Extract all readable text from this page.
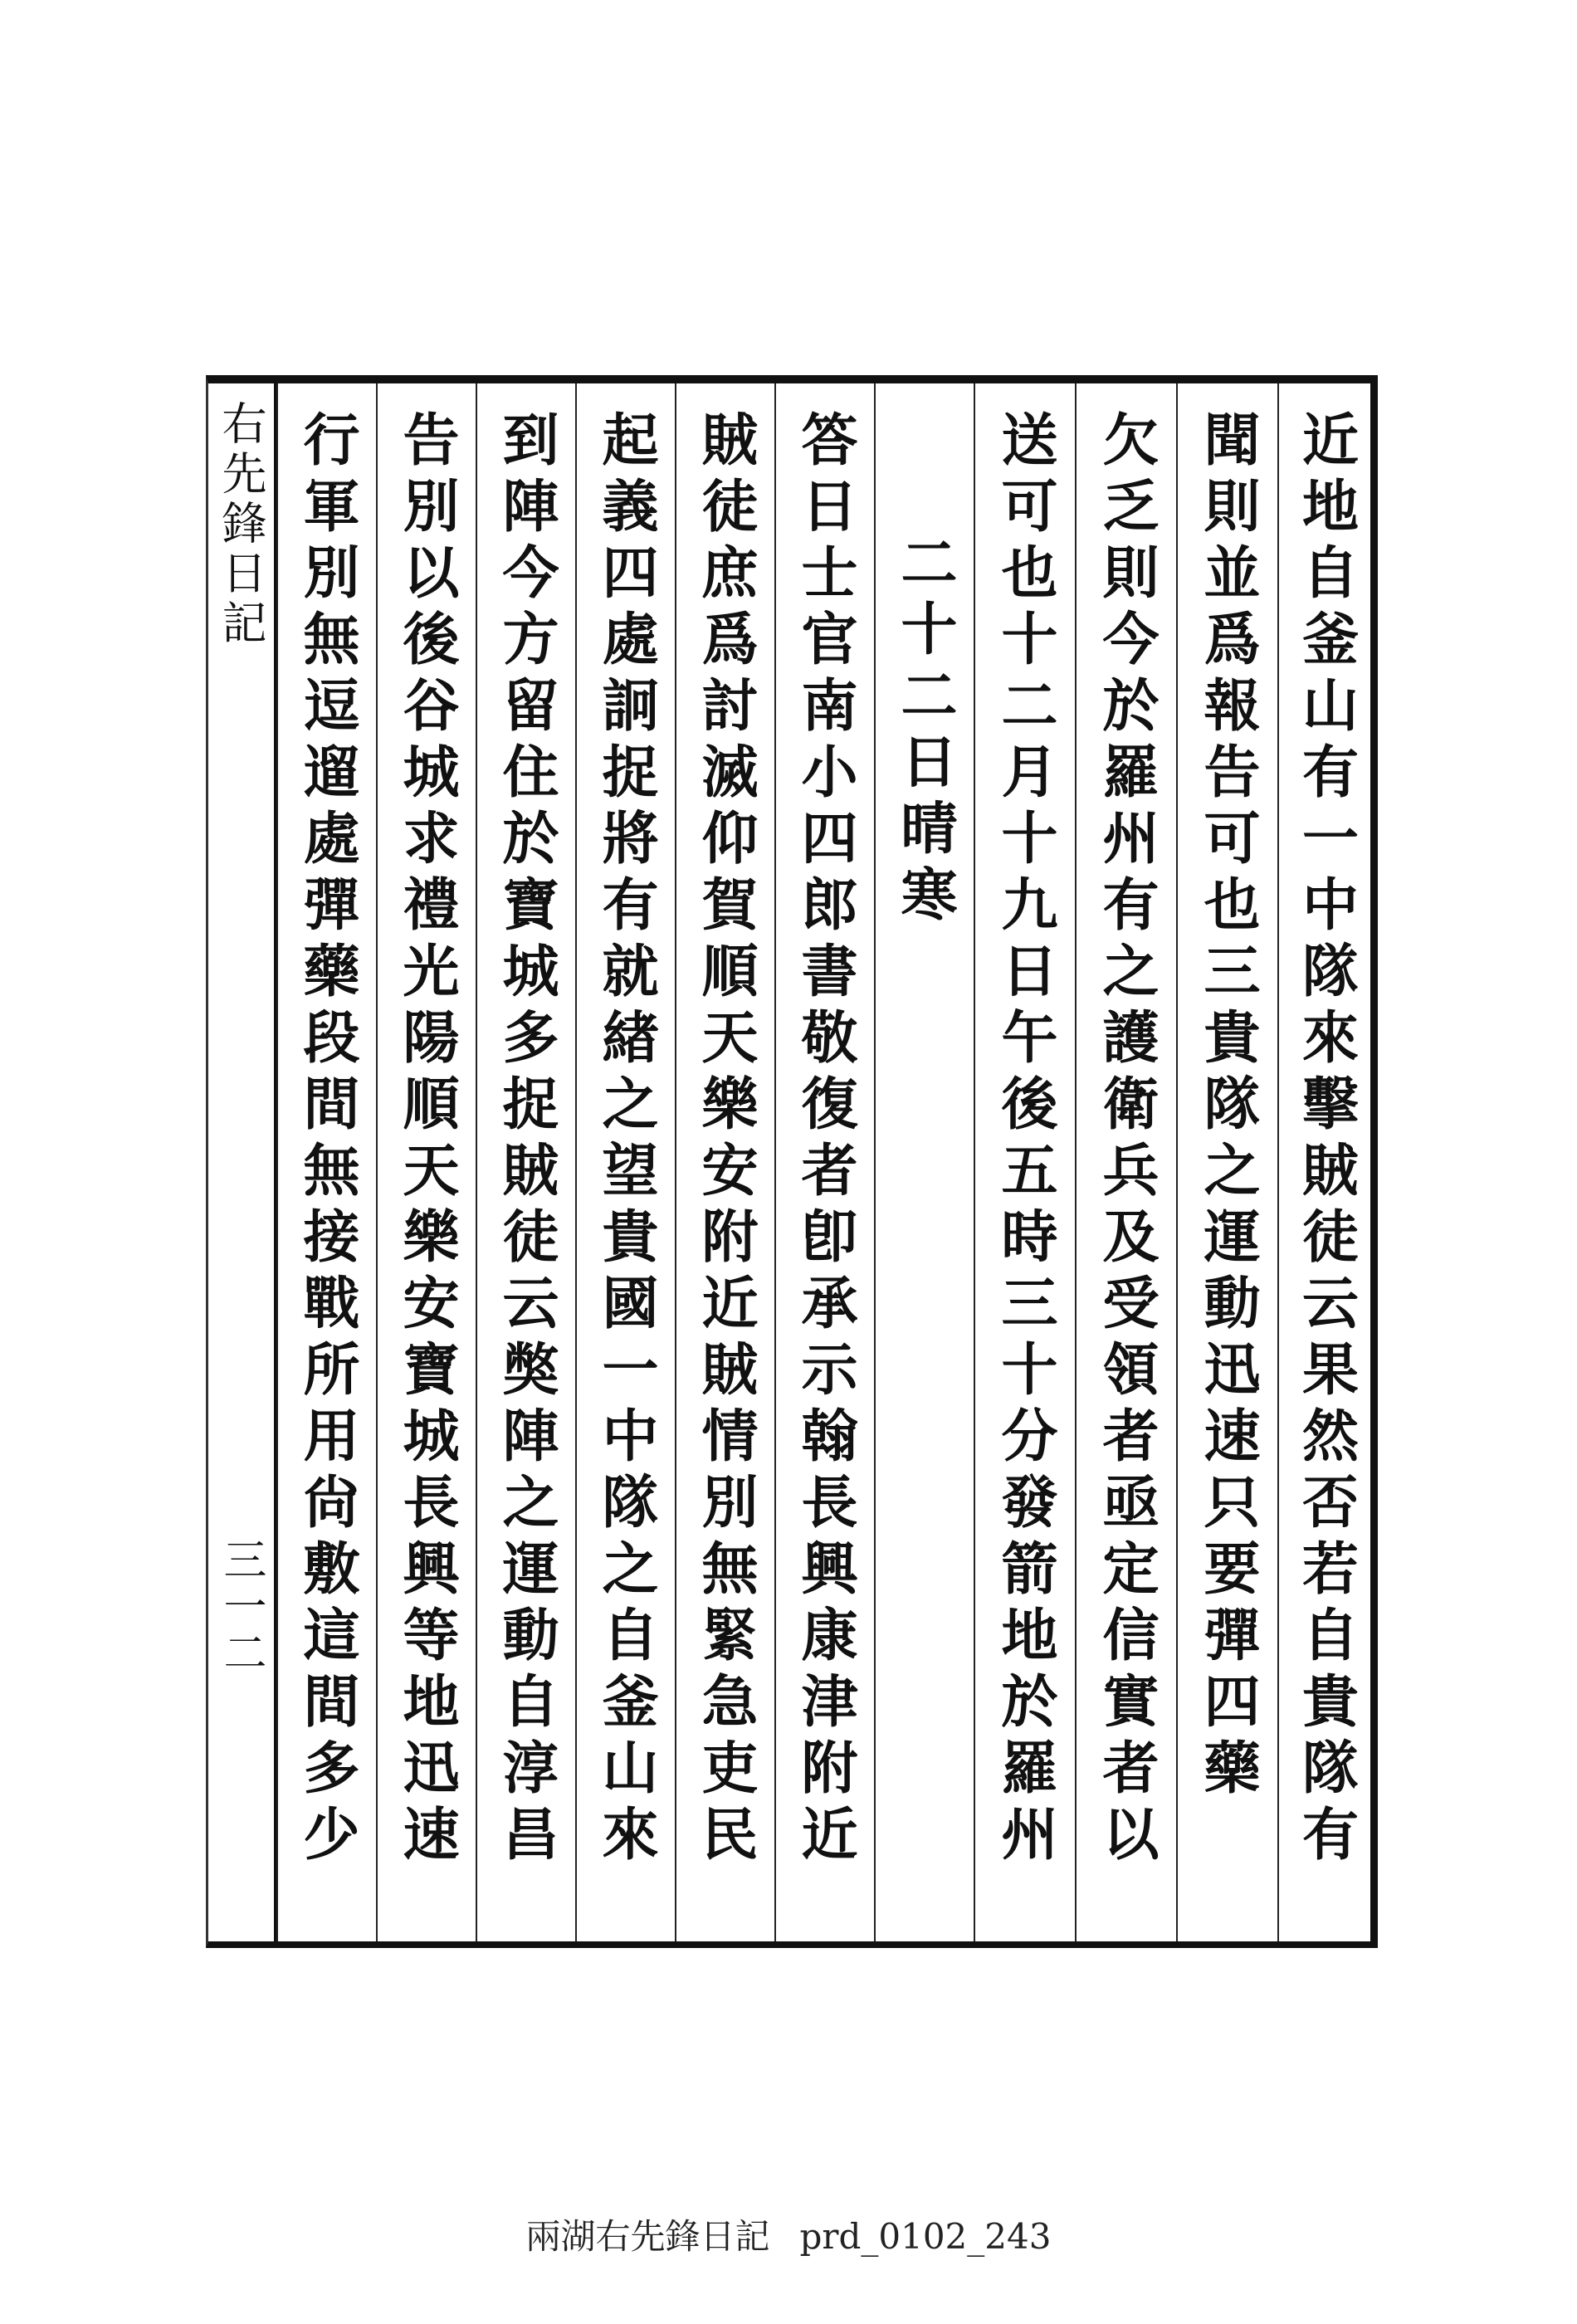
右先鋒日記
三一二 行軍別無逗遛處彈藥段間無接戰所用尙敷這間多少 告別以後谷城求禮光陽順天樂安寶城長興等地迅速 到陣今方留住於寶城多捉賊徒云獘陣之運動自淳昌 起義四處詗捉將有就緖之望貴國一中隊之自釜山來 賊徒庶爲討滅仰賀順天樂安附近賊情別無緊急吏民 答日士官南小四郎書敬復者卽承示翰長興康津附近 二十二日晴寒 送可也十二月十九日午後五時三十分發箭地於羅州 欠乏則今於羅州有之護衛兵及受領者亟定信實者以 聞則並爲報告可也三貴隊之運動迅速只要彈四藥 近地自釜山有一中隊來擊賊徒云果然否若自貴隊有
兩湖右先鋒日記 prd_0102_243
